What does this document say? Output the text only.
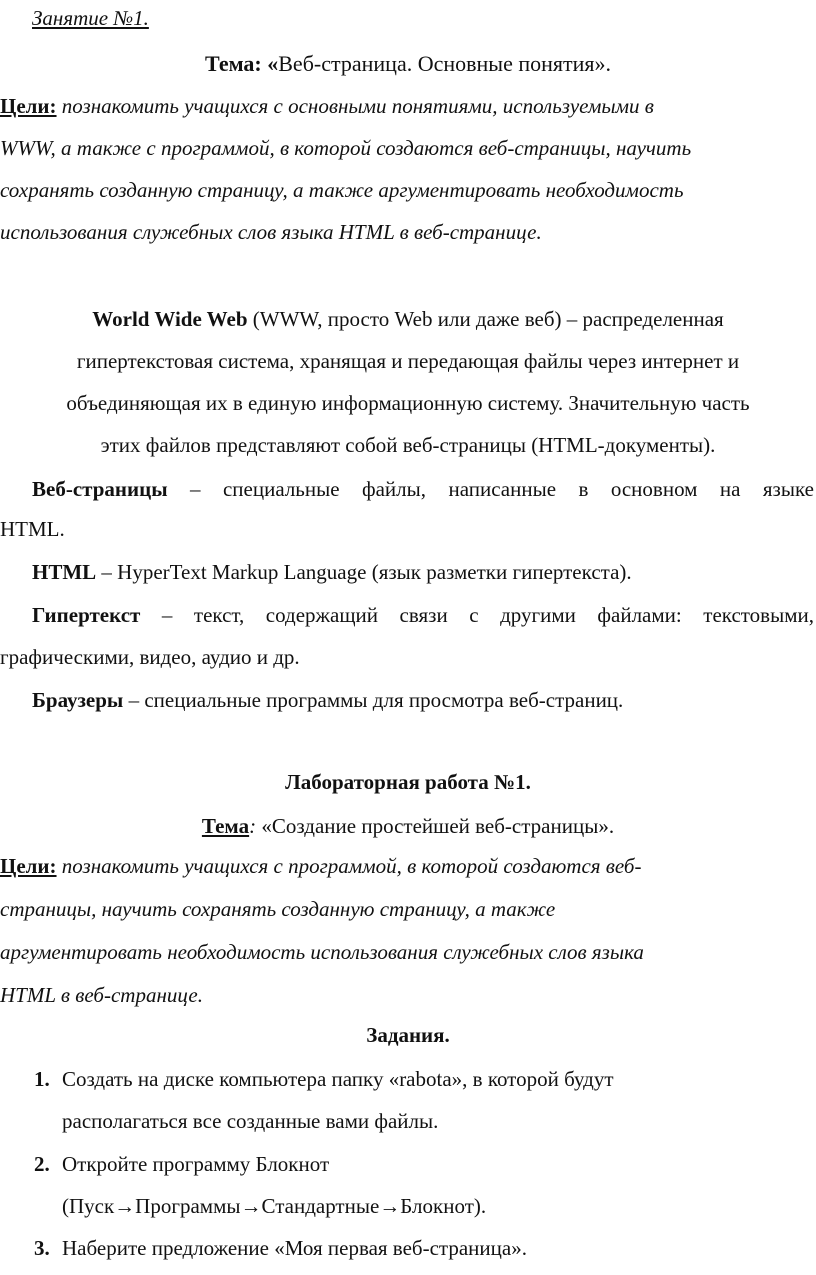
Занятие №1.
Тема: «Веб-страница. Основные понятия».
Цели: познакомить учащихся с основными понятиями, используемыми в
WWW, а также с программой, в которой создаются веб-страницы, научить
сохранять созданную страницу, а также аргументировать необходимость
использования служебных слов языка HTML в веб-странице.
World Wide Web (WWW, просто Web или даже веб) – распределенная
гипертекстовая система, хранящая и передающая файлы через интернет и
объединяющая их в единую информационную систему. Значительную часть
этих файлов представляют собой веб-страницы (HTML-документы).
Веб-страницы – специальные файлы, написанные в основном на языке
HTML.
HTML – HyperText Markup Language (язык разметки гипертекста).
Гипертекст – текст, содержащий связи с другими файлами: текстовыми,
графическими, видео, аудио и др.
Браузеры – специальные программы для просмотра веб-страниц.
Лабораторная работа №1.
Тема: «Создание простейшей веб-страницы».
Цели: познакомить учащихся с программой, в которой создаются веб-
страницы, научить сохранять созданную страницу, а также
аргументировать необходимость использования служебных слов языка
HTML в веб-странице.
Задания.
1. Создать на диске компьютера папку «rabota», в которой будут
располагаться все созданные вами файлы.
2. Откройте программу Блокнот
(Пуск→Программы→Стандартные→Блокнот).
3. Наберите предложение «Моя первая веб-страница».
